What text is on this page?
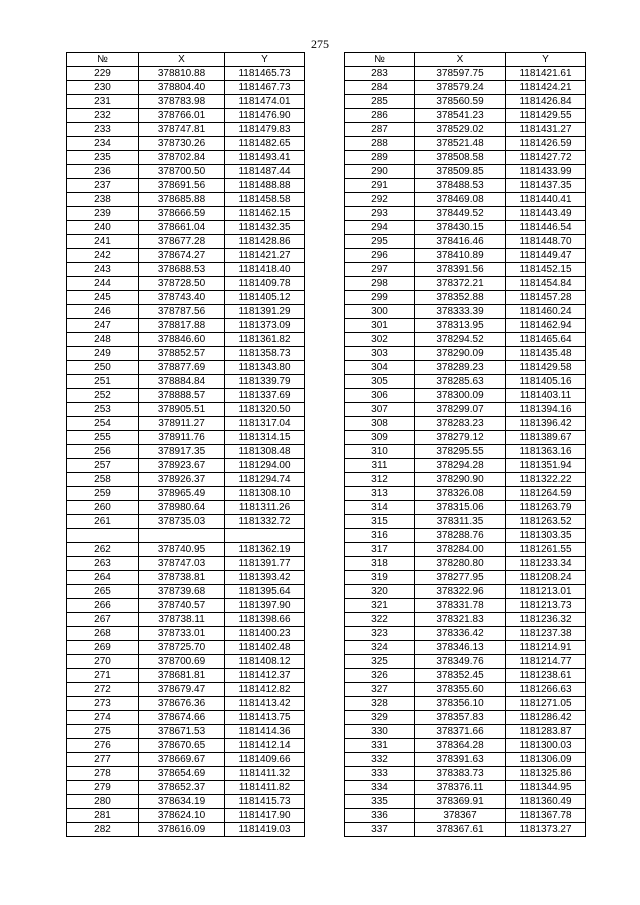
275
№	X	Y
229	378810.88	1181465.73
230	378804.40	1181467.73
231	378783.98	1181474.01
232	378766.01	1181476.90
233	378747.81	1181479.83
234	378730.26	1181482.65
235	378702.84	1181493.41
236	378700.50	1181487.44
237	378691.56	1181488.88
238	378685.88	1181458.58
239	378666.59	1181462.15
240	378661.04	1181432.35
241	378677.28	1181428.86
242	378674.27	1181421.27
243	378688.53	1181418.40
244	378728.50	1181409.78
245	378743.40	1181405.12
246	378787.56	1181391.29
247	378817.88	1181373.09
248	378846.60	1181361.82
249	378852.57	1181358.73
250	378877.69	1181343.80
251	378884.84	1181339.79
252	378888.57	1181337.69
253	378905.51	1181320.50
254	378911.27	1181317.04
255	378911.76	1181314.15
256	378917.35	1181308.48
257	378923.67	1181294.00
258	378926.37	1181294.74
259	378965.49	1181308.10
260	378980.64	1181311.26
261	378735.03	1181332.72

262	378740.95	1181362.19
263	378747.03	1181391.77
264	378738.81	1181393.42
265	378739.68	1181395.64
266	378740.57	1181397.90
267	378738.11	1181398.66
268	378733.01	1181400.23
269	378725.70	1181402.48
270	378700.69	1181408.12
271	378681.81	1181412.37
272	378679.47	1181412.82
273	378676.36	1181413.42
274	378674.66	1181413.75
275	378671.53	1181414.36
276	378670.65	1181412.14
277	378669.67	1181409.66
278	378654.69	1181411.32
279	378652.37	1181411.82
280	378634.19	1181415.73
281	378624.10	1181417.90
282	378616.09	1181419.03
№	X	Y
283	378597.75	1181421.61
284	378579.24	1181424.21
285	378560.59	1181426.84
286	378541.23	1181429.55
287	378529.02	1181431.27
288	378521.48	1181426.59
289	378508.58	1181427.72
290	378509.85	1181433.99
291	378488.53	1181437.35
292	378469.08	1181440.41
293	378449.52	1181443.49
294	378430.15	1181446.54
295	378416.46	1181448.70
296	378410.89	1181449.47
297	378391.56	1181452.15
298	378372.21	1181454.84
299	378352.88	1181457.28
300	378333.39	1181460.24
301	378313.95	1181462.94
302	378294.52	1181465.64
303	378290.09	1181435.48
304	378289.23	1181429.58
305	378285.63	1181405.16
306	378300.09	1181403.11
307	378299.07	1181394.16
308	378283.23	1181396.42
309	378279.12	1181389.67
310	378295.55	1181363.16
311	378294.28	1181351.94
312	378290.90	1181322.22
313	378326.08	1181264.59
314	378315.06	1181263.79
315	378311.35	1181263.52
316	378288.76	1181303.35
317	378284.00	1181261.55
318	378280.80	1181233.34
319	378277.95	1181208.24
320	378322.96	1181213.01
321	378331.78	1181213.73
322	378321.83	1181236.32
323	378336.42	1181237.38
324	378346.13	1181214.91
325	378349.76	1181214.77
326	378352.45	1181238.61
327	378355.60	1181266.63
328	378356.10	1181271.05
329	378357.83	1181286.42
330	378371.66	1181283.87
331	378364.28	1181300.03
332	378391.63	1181306.09
333	378383.73	1181325.86
334	378376.11	1181344.95
335	378369.91	1181360.49
336	378367	1181367.78
337	378367.61	1181373.27
